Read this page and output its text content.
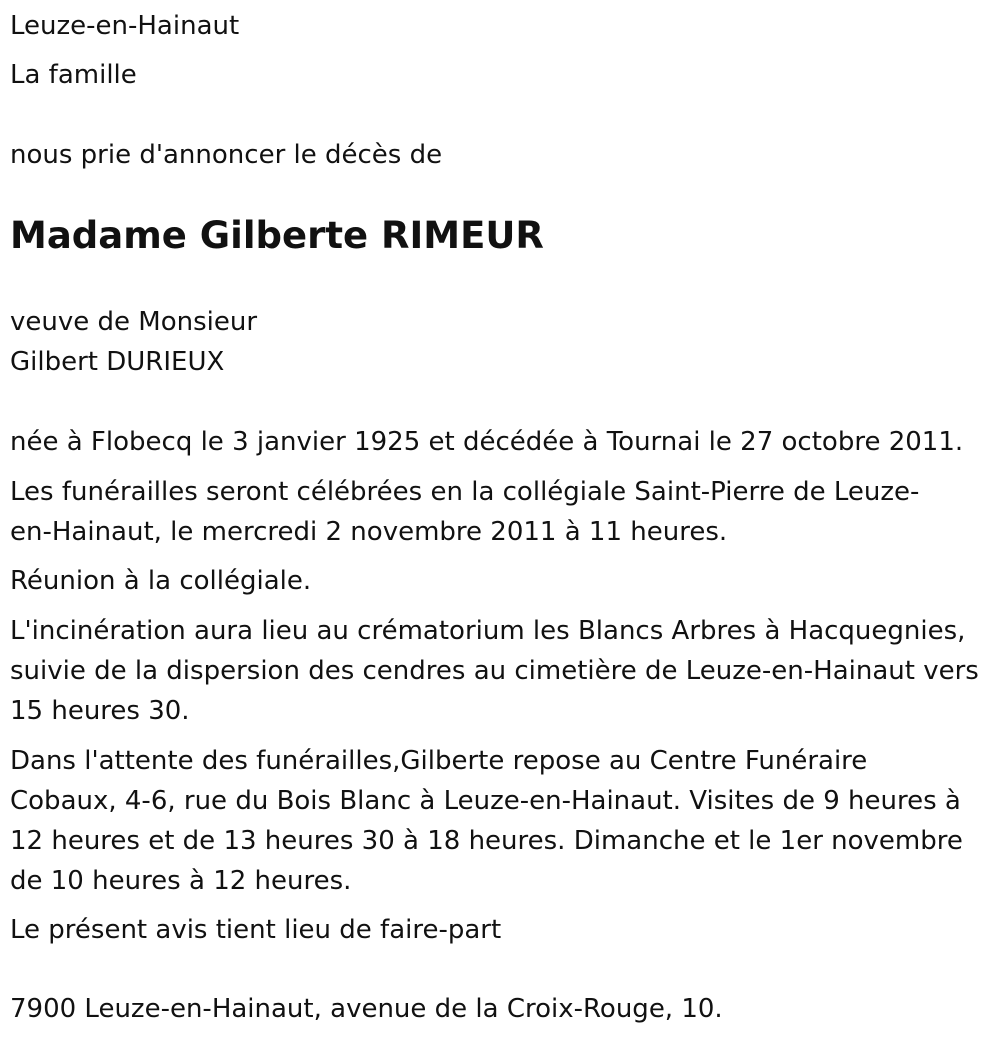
Leuze-en-Hainaut

La famille

nous prie d'annoncer le décès de

Madame Gilberte RIMEUR

veuve de Monsieur

Gilbert DURIEUX

née à Flobecq le 3 janvier 1925 et décédée à Tournai le 27 octobre 2011.

Les funérailles seront célébrées en la collégiale Saint-Pierre de Leuze-en-Hainaut, le mercredi 2 novembre 2011 à 11 heures.

Réunion à la collégiale.

L'incinération aura lieu au crématorium les Blancs Arbres à Hacquegnies, suivie de la dispersion des cendres au cimetière de Leuze-en-Hainaut vers 15 heures 30.

Dans l'attente des funérailles,Gilberte repose au Centre Funéraire Cobaux, 4-6, rue du Bois Blanc à Leuze-en-Hainaut. Visites de 9 heures à 12 heures et de 13 heures 30 à 18 heures. Dimanche et le 1er novembre de 10 heures à 12 heures.

Le présent avis tient lieu de faire-part

7900 Leuze-en-Hainaut, avenue de la Croix-Rouge, 10.
